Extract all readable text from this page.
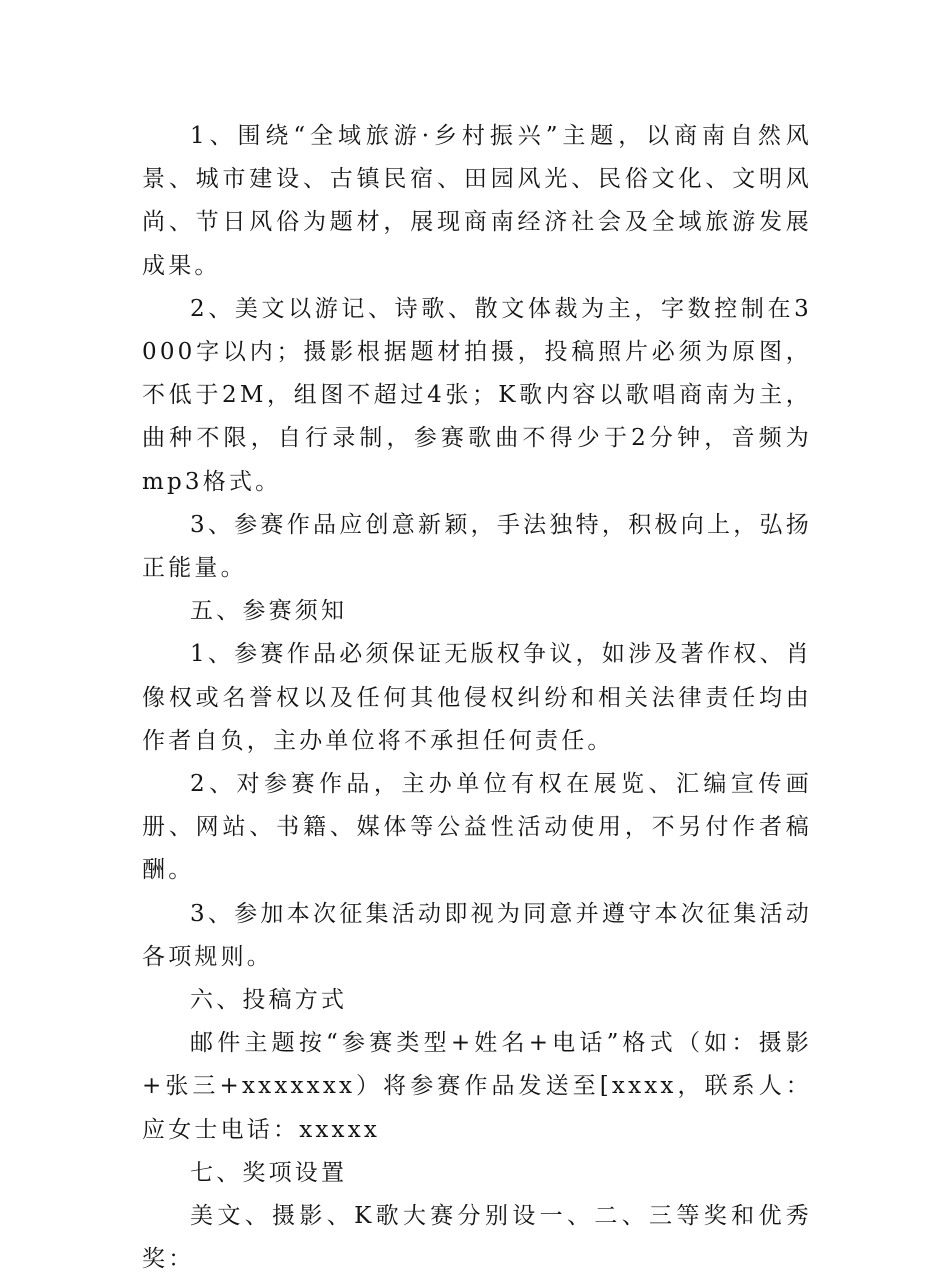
1、围绕“全域旅游·乡村振兴”主题，以商南自然风景、城市建设、古镇民宿、田园风光、民俗文化、文明风尚、节日风俗为题材，展现商南经济社会及全域旅游发展成果。

2、美文以游记、诗歌、散文体裁为主，字数控制在3000字以内；摄影根据题材拍摄，投稿照片必须为原图，不低于2M，组图不超过4张；K歌内容以歌唱商南为主，曲种不限，自行录制，参赛歌曲不得少于2分钟，音频为mp3格式。

3、参赛作品应创意新颖，手法独特，积极向上，弘扬正能量。

五、参赛须知

1、参赛作品必须保证无版权争议，如涉及著作权、肖像权或名誉权以及任何其他侵权纠纷和相关法律责任均由作者自负，主办单位将不承担任何责任。

2、对参赛作品，主办单位有权在展览、汇编宣传画册、网站、书籍、媒体等公益性活动使用，不另付作者稿酬。

3、参加本次征集活动即视为同意并遵守本次征集活动各项规则。

六、投稿方式

邮件主题按“参赛类型+姓名+电话”格式（如：摄影+张三+xxxxxxx）将参赛作品发送至[xxxx，联系人：应女士电话：xxxxx

七、奖项设置

美文、摄影、K歌大赛分别设一、二、三等奖和优秀奖：
